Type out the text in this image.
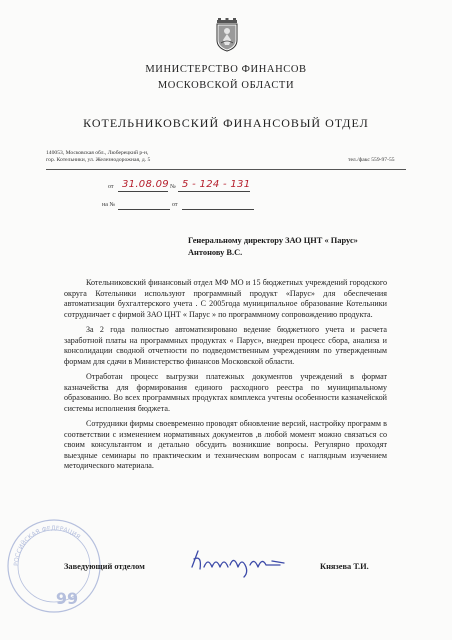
МИНИСТЕРСТВО ФИНАНСОВ
МОСКОВСКОЙ ОБЛАСТИ
КОТЕЛЬНИКОВСКИЙ ФИНАНСОВЫЙ ОТДЕЛ
140053, Московская обл., Люберецкий р-н,
гор. Котельники, ул. Железнодорожная, д. 5	тел./факс 559-97-55
от 31.08.09 № 5 - 124 - 131
на №	от
Генеральному директору ЗАО ЦНТ « Парус»
Антонову В.С.

Котельниковский финансовый отдел МФ МО и 15 бюджетных учреждений городского округа Котельники используют программный продукт «Парус» для обеспечения автоматизации бухгалтерского учета . С 2005года муниципальное образование Котельники сотрудничает с фирмой ЗАО ЦНТ « Парус » по программному сопровождению продукта.

За 2 года полностью автоматизировано ведение бюджетного учета и расчета заработной платы на программных продуктах « Парус», внедрен процесс сбора, анализа и консолидации сводной отчетности по подведомственным учреждениям по утвержденным формам для сдачи в Министерство финансов Московской области.

Отработан процесс выгрузки платежных документов учреждений в формат казначейства для формирования единого расходного реестра по муниципальному образованию. Во всех программных продуктах комплекса учтены особенности казначейской системы исполнения бюджета.

Сотрудники фирмы своевременно проводят обновление версий, настройку программ в соответствии с изменением нормативных документов ,в любой момент можно связаться со своим консультантом и детально обсудить возникшие вопросы. Регулярно проходят выездные семинары по практическим и техническим вопросам с наглядным изучением методического материала.

РОССИЙСКАЯ ФЕДЕРАЦИЯ
99
Заведующий отделом	Князева Т.И.
